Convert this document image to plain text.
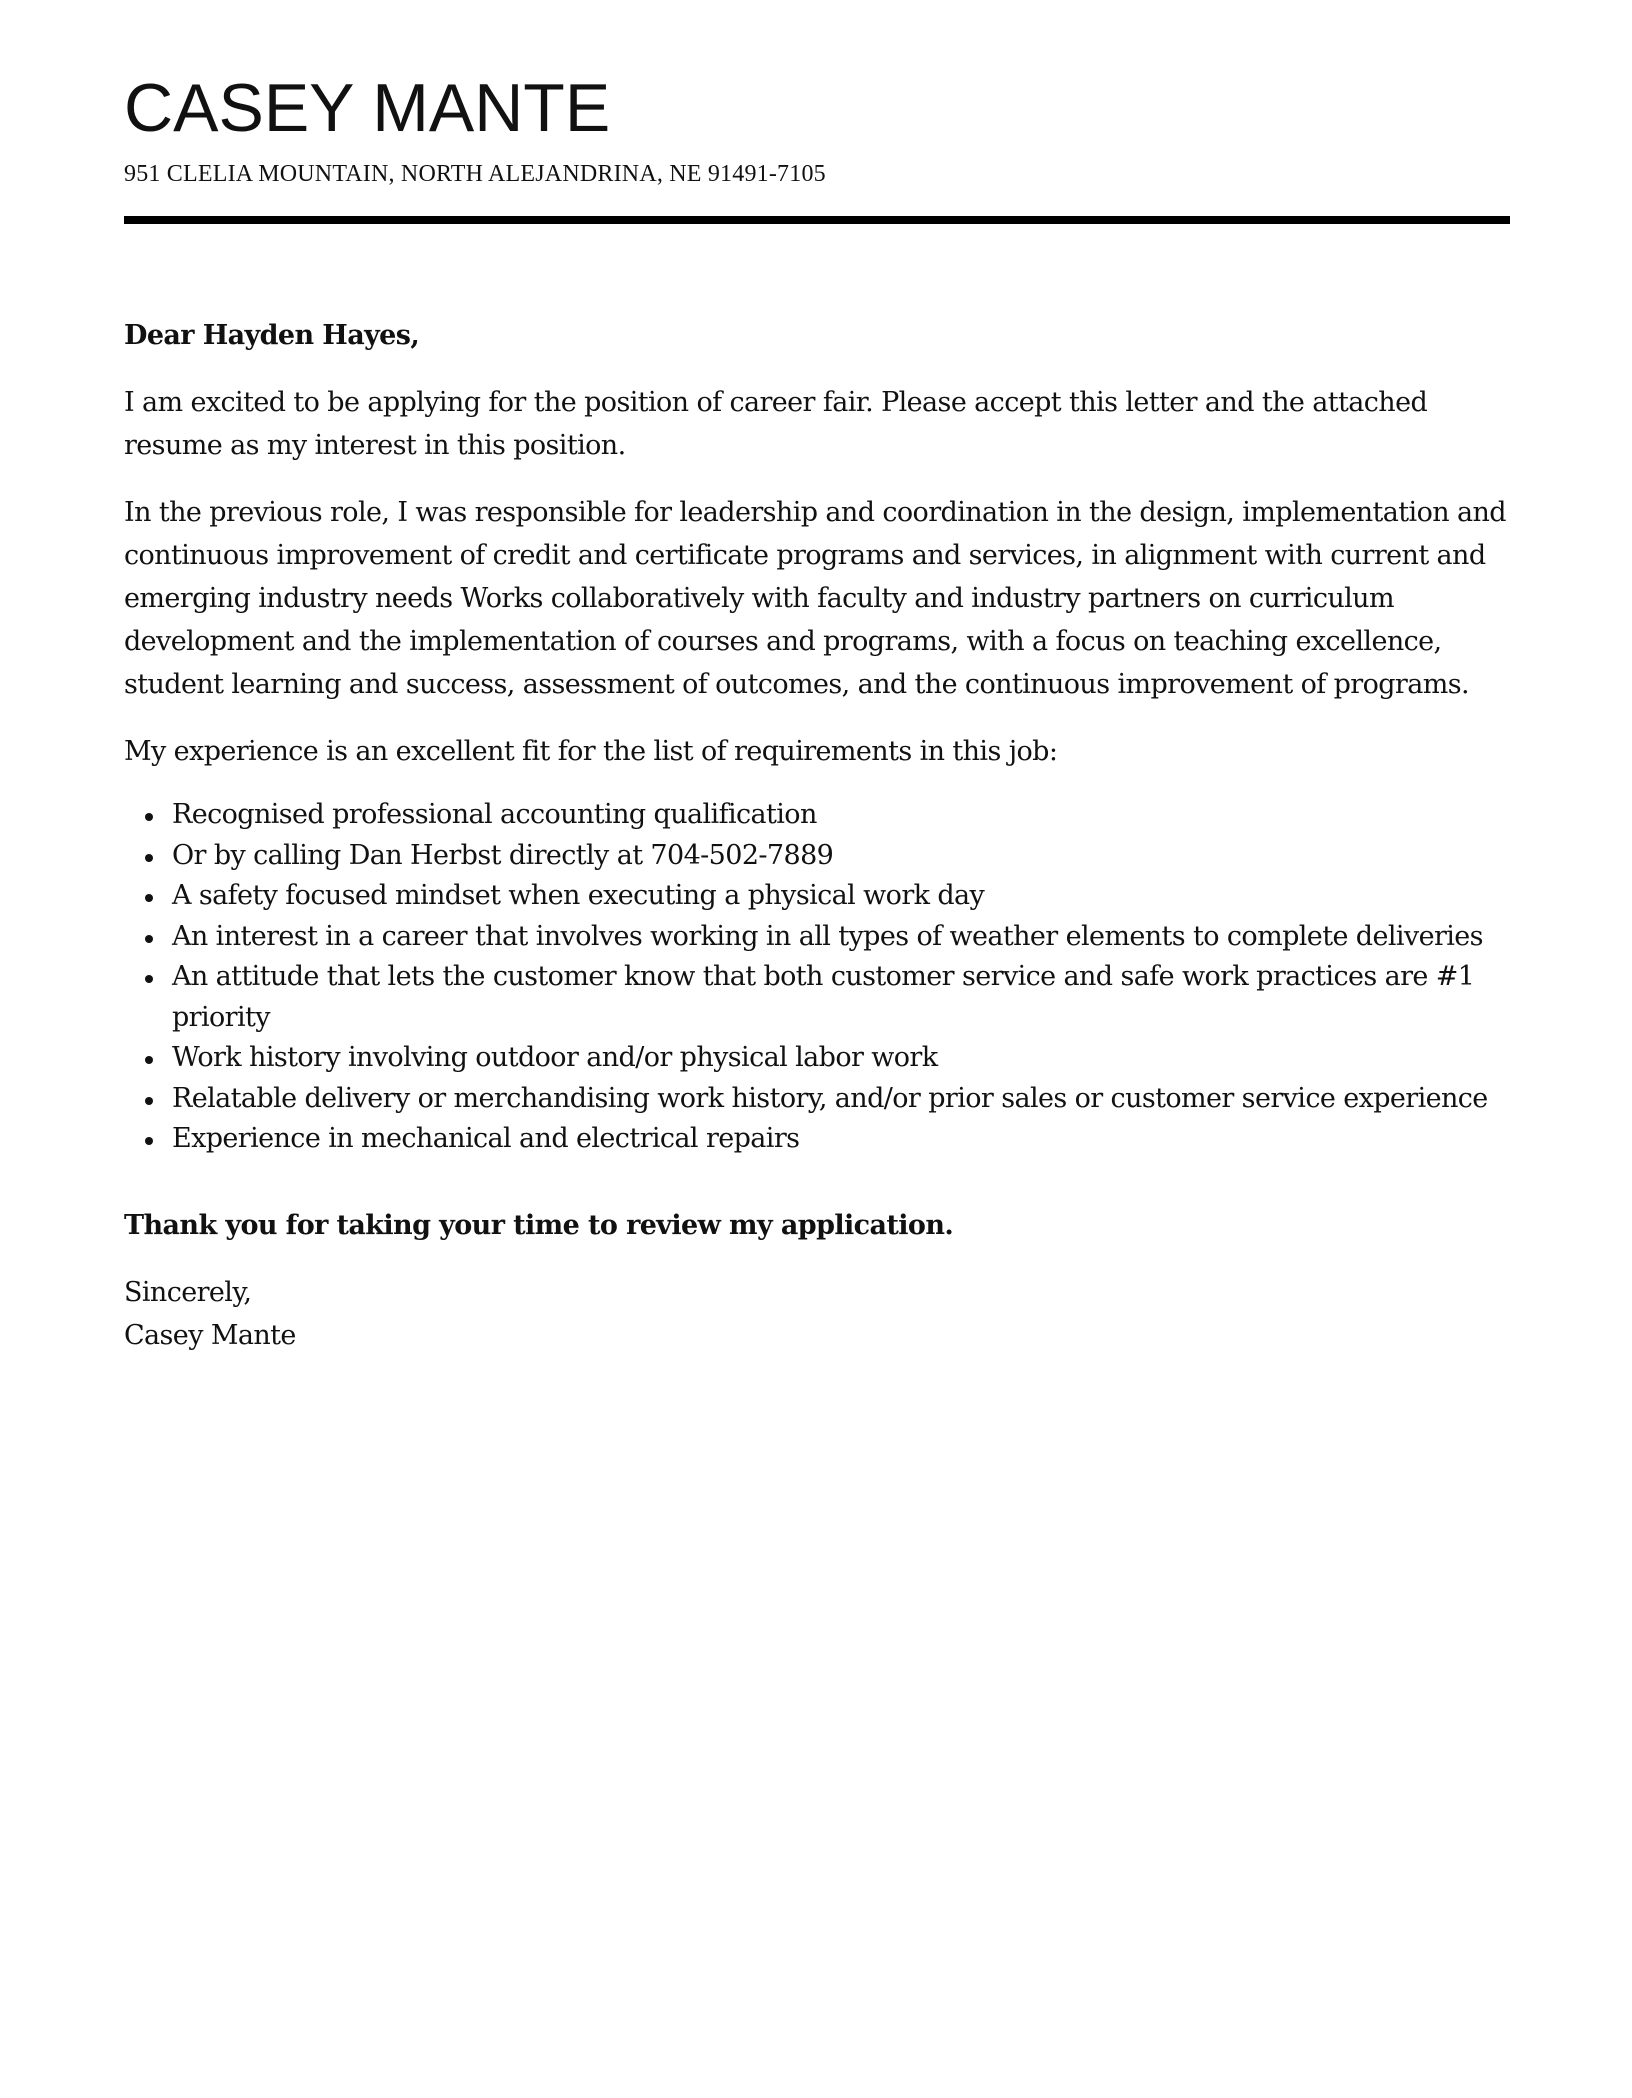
CASEY MANTE
951 CLELIA MOUNTAIN, NORTH ALEJANDRINA, NE 91491-7105

Dear Hayden Hayes,

I am excited to be applying for the position of career fair. Please accept this letter and the attached resume as my interest in this position.

In the previous role, I was responsible for leadership and coordination in the design, implementation and continuous improvement of credit and certificate programs and services, in alignment with current and emerging industry needs Works collaboratively with faculty and industry partners on curriculum development and the implementation of courses and programs, with a focus on teaching excellence, student learning and success, assessment of outcomes, and the continuous improvement of programs.

My experience is an excellent fit for the list of requirements in this job:

Recognised professional accounting qualification
Or by calling Dan Herbst directly at 704-502-7889
A safety focused mindset when executing a physical work day
An interest in a career that involves working in all types of weather elements to complete deliveries
An attitude that lets the customer know that both customer service and safe work practices are #1 priority
Work history involving outdoor and/or physical labor work
Relatable delivery or merchandising work history, and/or prior sales or customer service experience
Experience in mechanical and electrical repairs

Thank you for taking your time to review my application.

Sincerely,
Casey Mante
